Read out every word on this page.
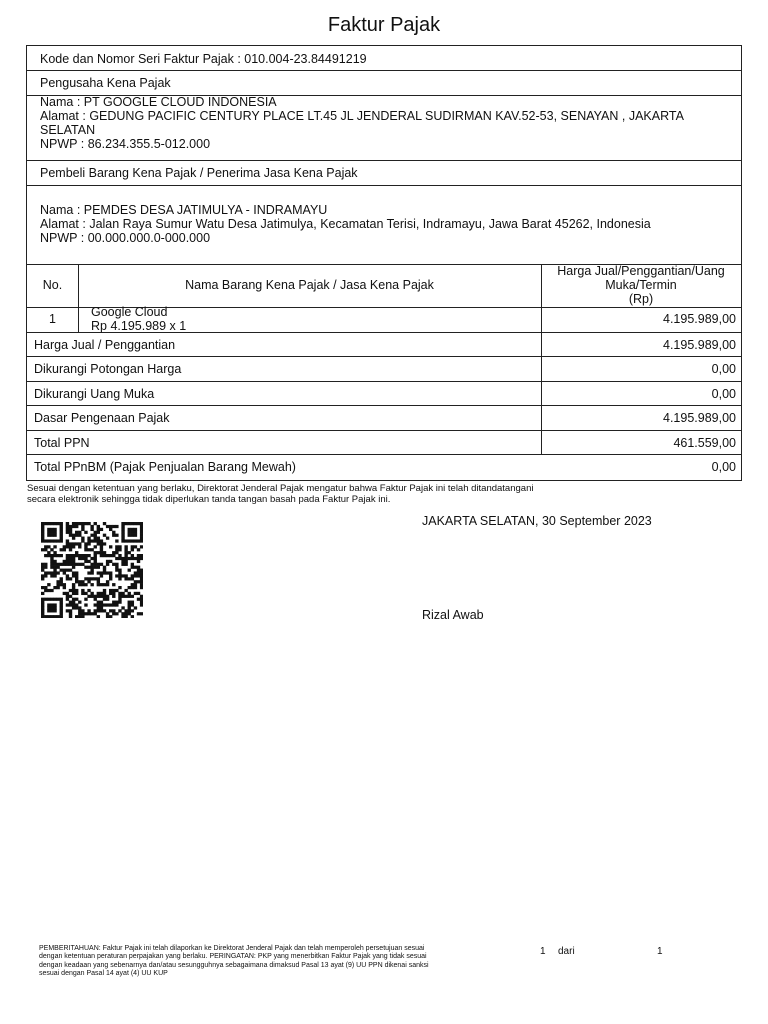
Faktur Pajak
Kode dan Nomor Seri Faktur Pajak : 010.004-23.84491219
Pengusaha Kena Pajak
Nama : PT GOOGLE CLOUD INDONESIA
Alamat : GEDUNG PACIFIC CENTURY PLACE LT.45 JL JENDERAL SUDIRMAN KAV.52-53, SENAYAN , JAKARTA
SELATAN
NPWP : 86.234.355.5-012.000
Pembeli Barang Kena Pajak / Penerima Jasa Kena Pajak
Nama : PEMDES DESA JATIMULYA - INDRAMAYU
Alamat : Jalan Raya Sumur Watu Desa Jatimulya, Kecamatan Terisi, Indramayu, Jawa Barat 45262, Indonesia
NPWP : 00.000.000.0-000.000
No.	Nama Barang Kena Pajak / Jasa Kena Pajak
Harga Jual/Penggantian/Uang
Muka/Termin
(Rp)
1	Google Cloud
Rp 4.195.989 x 1	4.195.989,00
Harga Jual / Penggantian	4.195.989,00
Dikurangi Potongan Harga	0,00
Dikurangi Uang Muka	0,00
Dasar Pengenaan Pajak	4.195.989,00
Total PPN	461.559,00
Total PPnBM (Pajak Penjualan Barang Mewah)	0,00
Sesuai dengan ketentuan yang berlaku, Direktorat Jenderal Pajak mengatur bahwa Faktur Pajak ini telah ditandatangani
secara elektronik sehingga tidak diperlukan tanda tangan basah pada Faktur Pajak ini.
JAKARTA SELATAN, 30 September 2023
Rizal Awab
PEMBERITAHUAN: Faktur Pajak ini telah dilaporkan ke Direktorat Jenderal Pajak dan telah memperoleh persetujuan sesuai
dengan ketentuan peraturan perpajakan yang berlaku. PERINGATAN: PKP yang menerbitkan Faktur Pajak yang tidak sesuai
dengan keadaan yang sebenarnya dan/atau sesungguhnya sebagaimana dimaksud Pasal 13 ayat (9) UU PPN dikenai sanksi
sesuai dengan Pasal 14 ayat (4) UU KUP
1 dari	1
